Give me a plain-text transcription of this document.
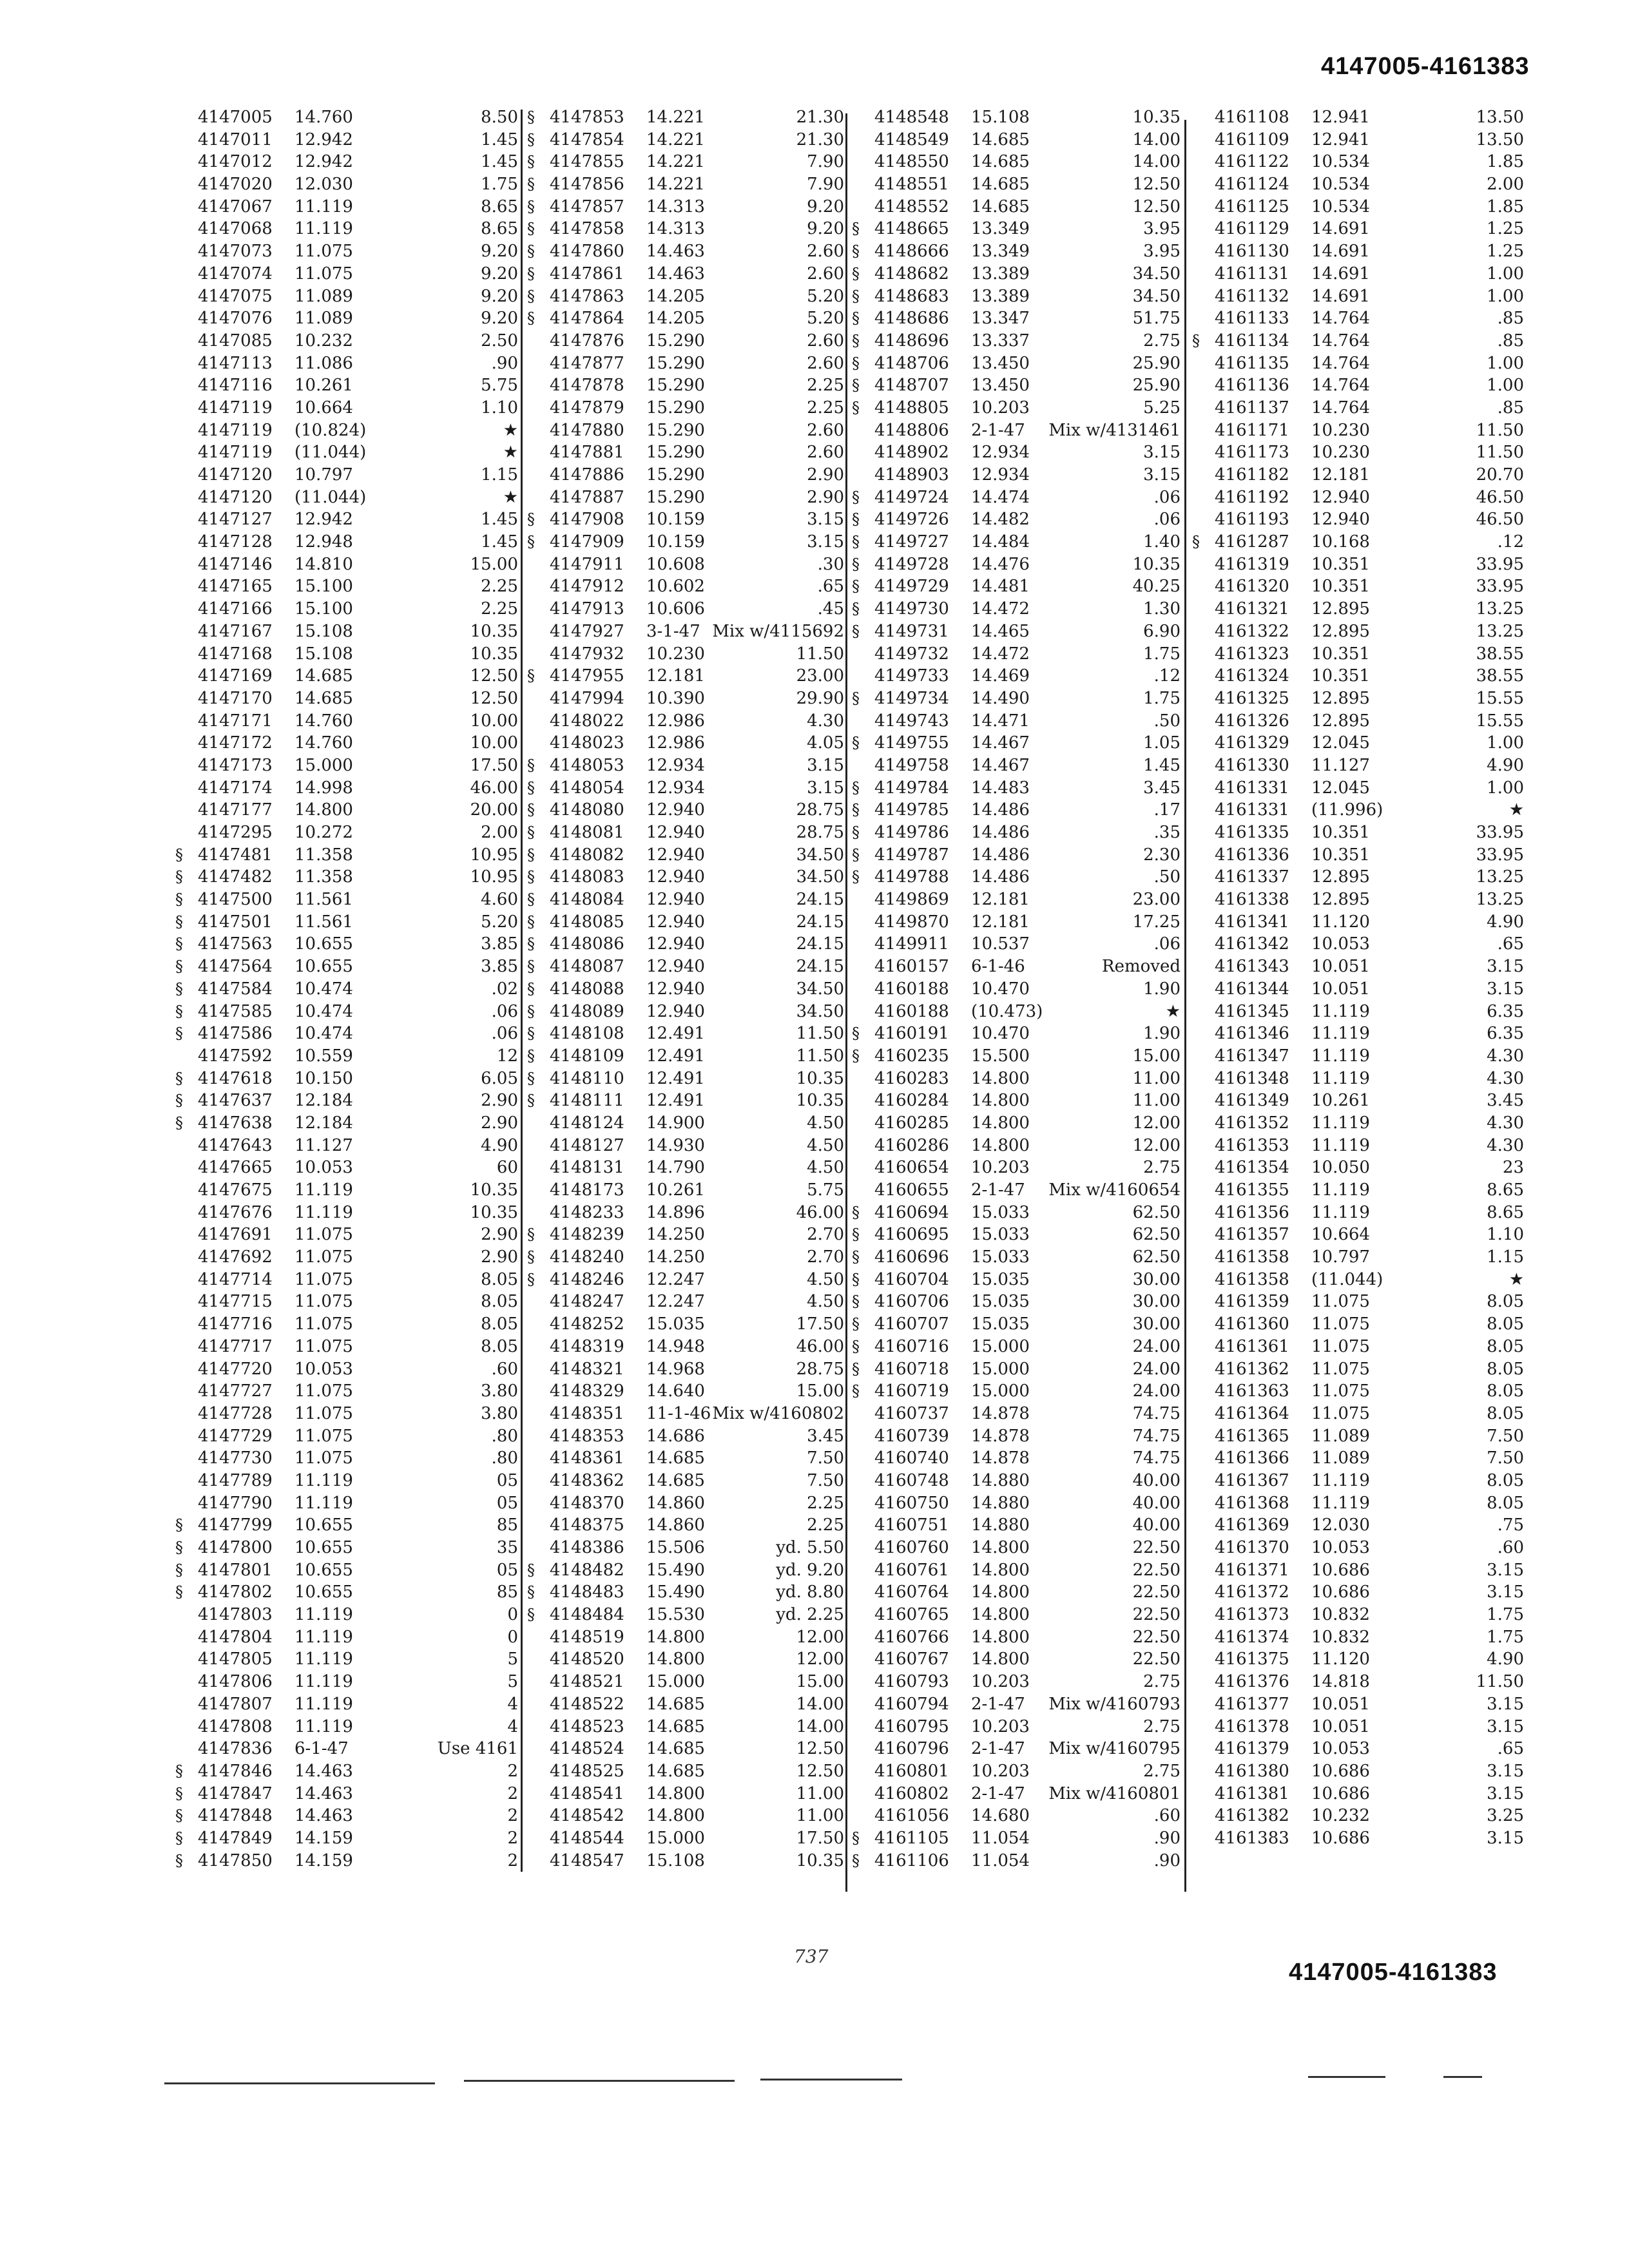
4147005-4161383
4147005 14.760	8.50
4147011 12.942	1.45
4147012 12.942	1.45
4147020 12.030	1.75
4147067 11.119	8.65
4147068 11.119	8.65
4147073 11.075	9.20
4147074 11.075	9.20
4147075 11.089	9.20
4147076 11.089	9.20
4147085 10.232	2.50
4147113 11.086	.90
4147116 10.261	5.75
4147119 10.664	1.10
4147119 (10.824)	★
4147119 (11.044)	★
4147120 10.797	1.15
4147120 (11.044)	★
4147127 12.942	1.45
4147128 12.948	1.45
4147146 14.810	15.00
4147165 15.100	2.25
4147166 15.100	2.25
4147167 15.108	10.35
4147168 15.108	10.35
4147169 14.685	12.50
4147170 14.685	12.50
4147171 14.760	10.00
4147172 14.760	10.00
4147173 15.000	17.50
4147174 14.998	46.00
4147177 14.800	20.00
4147295 10.272	2.00
§ 4147481 11.358	10.95
§ 4147482 11.358	10.95
§ 4147500 11.561	4.60
§ 4147501 11.561	5.20
§ 4147563 10.655	3.85
§ 4147564 10.655	3.85
§ 4147584 10.474	.02
§ 4147585 10.474	.06
§ 4147586 10.474	.06
4147592 10.559	12
§ 4147618 10.150	6.05
§ 4147637 12.184	2.90
§ 4147638 12.184	2.90
4147643 11.127	4.90
4147665 10.053	60
4147675 11.119	10.35
4147676 11.119	10.35
4147691 11.075	2.90
4147692 11.075	2.90
4147714 11.075	8.05
4147715 11.075	8.05
4147716 11.075	8.05
4147717 11.075	8.05
4147720 10.053	.60
4147727 11.075	3.80
4147728 11.075	3.80
4147729 11.075	.80
4147730 11.075	.80
4147789 11.119	05
4147790 11.119	05
§ 4147799 10.655	85
§ 4147800 10.655	35
§ 4147801 10.655	05
§ 4147802 10.655	85
4147803 11.119	0
4147804 11.119	0
4147805 11.119	5
4147806 11.119	5
4147807 11.119	4
4147808 11.119	4
4147836 6-1-47	Use 4161
§ 4147846 14.463	2
§ 4147847 14.463	2
§ 4147848 14.463	2
§ 4147849 14.159	2
§ 4147850 14.159	2
§ 4147853 14.221	21.30
§ 4147854 14.221	21.30
§ 4147855 14.221	7.90
§ 4147856 14.221	7.90
§ 4147857 14.313	9.20
§ 4147858 14.313	9.20
§ 4147860 14.463	2.60
§ 4147861 14.463	2.60
§ 4147863 14.205	5.20
§ 4147864 14.205	5.20
4147876 15.290	2.60
4147877 15.290	2.60
4147878 15.290	2.25
4147879 15.290	2.25
4147880 15.290	2.60
4147881 15.290	2.60
4147886 15.290	2.90
4147887 15.290	2.90
§ 4147908 10.159	3.15
§ 4147909 10.159	3.15
4147911 10.608	.30
4147912 10.602	.65
4147913 10.606	.45
4147927 3-1-47 Mix w/4115692
4147932 10.230	11.50
§ 4147955 12.181	23.00
4147994 10.390	29.90
4148022 12.986	4.30
4148023 12.986	4.05
§ 4148053 12.934	3.15
§ 4148054 12.934	3.15
§ 4148080 12.940	28.75
§ 4148081 12.940	28.75
§ 4148082 12.940	34.50
§ 4148083 12.940	34.50
§ 4148084 12.940	24.15
§ 4148085 12.940	24.15
§ 4148086 12.940	24.15
§ 4148087 12.940	24.15
§ 4148088 12.940	34.50
§ 4148089 12.940	34.50
§ 4148108 12.491	11.50
§ 4148109 12.491	11.50
§ 4148110 12.491	10.35
§ 4148111 12.491	10.35
4148124 14.900	4.50
4148127 14.930	4.50
4148131 14.790	4.50
4148173 10.261	5.75
4148233 14.896	46.00
§ 4148239 14.250	2.70
§ 4148240 14.250	2.70
§ 4148246 12.247	4.50
4148247 12.247	4.50
4148252 15.035	17.50
4148319 14.948	46.00
4148321 14.968	28.75
4148329 14.640	15.00
4148351 11-1-46 Mix w/4160802
4148353 14.686	3.45
4148361 14.685	7.50
4148362 14.685	7.50
4148370 14.860	2.25
4148375 14.860	2.25
4148386 15.506	yd. 5.50
§ 4148482 15.490	yd. 9.20
§ 4148483 15.490	yd. 8.80
§ 4148484 15.530	yd. 2.25
4148519 14.800	12.00
4148520 14.800	12.00
4148521 15.000	15.00
4148522 14.685	14.00
4148523 14.685	14.00
4148524 14.685	12.50
4148525 14.685	12.50
4148541 14.800	11.00
4148542 14.800	11.00
4148544 15.000	17.50
4148547 15.108	10.35
4148548 15.108	10.35
4148549 14.685	14.00
4148550 14.685	14.00
4148551 14.685	12.50
4148552 14.685	12.50
§ 4148665 13.349	3.95
§ 4148666 13.349	3.95
§ 4148682 13.389	34.50
§ 4148683 13.389	34.50
§ 4148686 13.347	51.75
§ 4148696 13.337	2.75
§ 4148706 13.450	25.90
§ 4148707 13.450	25.90
§ 4148805 10.203	5.25
4148806 2-1-47 Mix w/4131461
4148902 12.934	3.15
4148903 12.934	3.15
§ 4149724 14.474	.06
§ 4149726 14.482	.06
§ 4149727 14.484	1.40
§ 4149728 14.476	10.35
§ 4149729 14.481	40.25
§ 4149730 14.472	1.30
§ 4149731 14.465	6.90
4149732 14.472	1.75
4149733 14.469	.12
§ 4149734 14.490	1.75
4149743 14.471	.50
§ 4149755 14.467	1.05
4149758 14.467	1.45
§ 4149784 14.483	3.45
§ 4149785 14.486	.17
§ 4149786 14.486	.35
§ 4149787 14.486	2.30
§ 4149788 14.486	.50
4149869 12.181	23.00
4149870 12.181	17.25
4149911 10.537	.06
4160157 6-1-46	Removed
4160188 10.470	1.90
4160188 (10.473)	★
§ 4160191 10.470	1.90
§ 4160235 15.500	15.00
4160283 14.800	11.00
4160284 14.800	11.00
4160285 14.800	12.00
4160286 14.800	12.00
4160654 10.203	2.75
4160655 2-1-47 Mix w/4160654
§ 4160694 15.033	62.50
§ 4160695 15.033	62.50
§ 4160696 15.033	62.50
§ 4160704 15.035	30.00
§ 4160706 15.035	30.00
§ 4160707 15.035	30.00
§ 4160716 15.000	24.00
§ 4160718 15.000	24.00
§ 4160719 15.000	24.00
4160737 14.878	74.75
4160739 14.878	74.75
4160740 14.878	74.75
4160748 14.880	40.00
4160750 14.880	40.00
4160751 14.880	40.00
4160760 14.800	22.50
4160761 14.800	22.50
4160764 14.800	22.50
4160765 14.800	22.50
4160766 14.800	22.50
4160767 14.800	22.50
4160793 10.203	2.75
4160794 2-1-47 Mix w/4160793
4160795 10.203	2.75
4160796 2-1-47 Mix w/4160795
4160801 10.203	2.75
4160802 2-1-47 Mix w/4160801
4161056 14.680	.60
§ 4161105 11.054	.90
§ 4161106 11.054	.90
4161108 12.941	13.50
4161109 12.941	13.50
4161122 10.534	1.85
4161124 10.534	2.00
4161125 10.534	1.85
4161129 14.691	1.25
4161130 14.691	1.25
4161131 14.691	1.00
4161132 14.691	1.00
4161133 14.764	.85
§ 4161134 14.764	.85
4161135 14.764	1.00
4161136 14.764	1.00
4161137 14.764	.85
4161171 10.230	11.50
4161173 10.230	11.50
4161182 12.181	20.70
4161192 12.940	46.50
4161193 12.940	46.50
§ 4161287 10.168	.12
4161319 10.351	33.95
4161320 10.351	33.95
4161321 12.895	13.25
4161322 12.895	13.25
4161323 10.351	38.55
4161324 10.351	38.55
4161325 12.895	15.55
4161326 12.895	15.55
4161329 12.045	1.00
4161330 11.127	4.90
4161331 12.045	1.00
4161331 (11.996)	★
4161335 10.351	33.95
4161336 10.351	33.95
4161337 12.895	13.25
4161338 12.895	13.25
4161341 11.120	4.90
4161342 10.053	.65
4161343 10.051	3.15
4161344 10.051	3.15
4161345 11.119	6.35
4161346 11.119	6.35
4161347 11.119	4.30
4161348 11.119	4.30
4161349 10.261	3.45
4161352 11.119	4.30
4161353 11.119	4.30
4161354 10.050	23
4161355 11.119	8.65
4161356 11.119	8.65
4161357 10.664	1.10
4161358 10.797	1.15
4161358 (11.044)	★
4161359 11.075	8.05
4161360 11.075	8.05
4161361 11.075	8.05
4161362 11.075	8.05
4161363 11.075	8.05
4161364 11.075	8.05
4161365 11.089	7.50
4161366 11.089	7.50
4161367 11.119	8.05
4161368 11.119	8.05
4161369 12.030	.75
4161370 10.053	.60
4161371 10.686	3.15
4161372 10.686	3.15
4161373 10.832	1.75
4161374 10.832	1.75
4161375 11.120	4.90
4161376 14.818	11.50
4161377 10.051	3.15
4161378 10.051	3.15
4161379 10.053	.65
4161380 10.686	3.15
4161381 10.686	3.15
4161382 10.232	3.25
4161383 10.686	3.15
737
4147005-4161383
